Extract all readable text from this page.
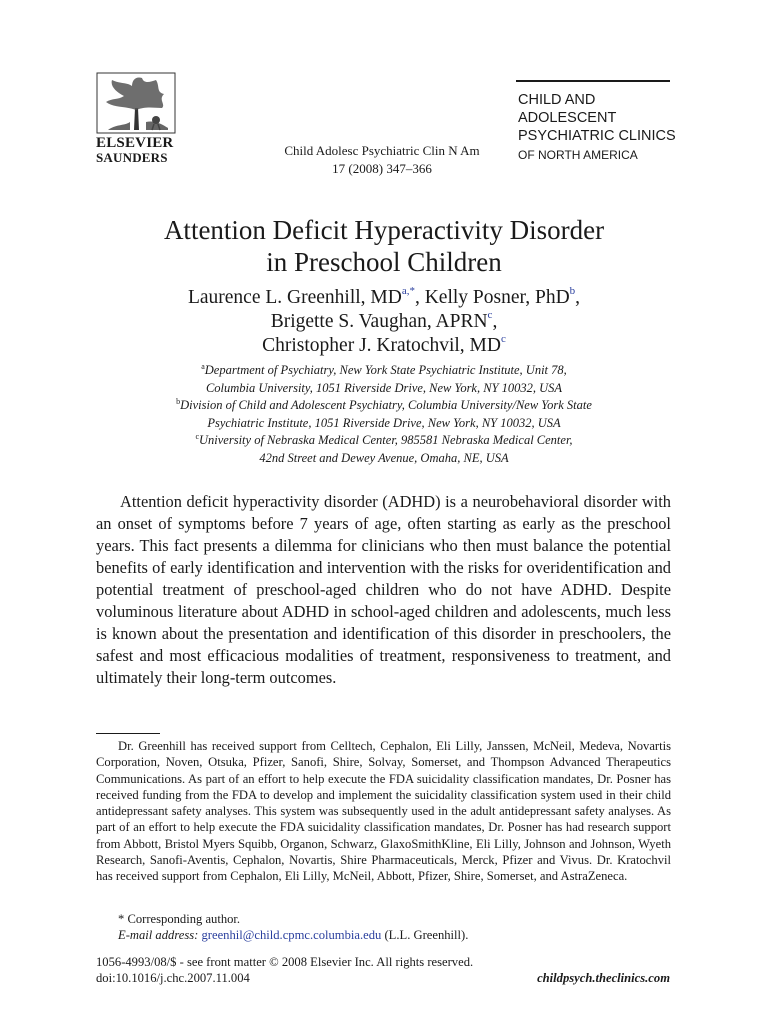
ELSEVIER
SAUNDERS	Child Adolesc Psychiatric Clin N Am
17 (2008) 347–366
CHILD AND
ADOLESCENT
PSYCHIATRIC CLINICS
OF NORTH AMERICA
Attention Deficit Hyperactivity Disorder
in Preschool Children
Laurence L. Greenhill, $MD^{a,*}$, Kelly Posner, PhD$^b$,
Brigette S. Vaughan, APRN$^c$,
Christopher J. Kratochvil, $MD^c$
$^a$Department of Psychiatry, New York State Psychiatric Institute, Unit 78,
Columbia University, 1051 Riverside Drive, New York, NY 10032, USA
$^b$Division of Child and Adolescent Psychiatry, Columbia University/New York State
Psychiatric Institute, 1051 Riverside Drive, New York, NY 10032, USA
$^c$University of Nebraska Medical Center, 985581 Nebraska Medical Center,
42nd Street and Dewey Avenue, Omaha, NE, USA

Attention deficit hyperactivity disorder (ADHD) is a neurobehavioral disorder with an onset of symptoms before 7 years of age, often starting as early as the preschool years. This fact presents a dilemma for clinicians who then must balance the potential benefits of early identification and intervention with the risks for overidentification and potential treatment of preschool-aged children who do not have ADHD. Despite voluminous literature about ADHD in school-aged children and adolescents, much less is known about the presentation and identification of this disorder in preschoolers, the safest and most efficacious modalities of treatment, responsiveness to treatment, and ultimately their long-term outcomes.

Dr. Greenhill has received support from Celltech, Cephalon, Eli Lilly, Janssen, McNeil, Medeva, Novartis Corporation, Noven, Otsuka, Pfizer, Sanofi, Shire, Solvay, Somerset, and Thompson Advanced Therapeutics Communications. As part of an effort to help execute the FDA suicidality classification mandates, Dr. Posner has received funding from the FDA to develop and implement the suicidality classification system used in their child antidepressant safety analyses. This system was subsequently used in the adult antidepressant safety analyses. As part of an effort to help execute the FDA suicidality classification mandates, Dr. Posner has had research support from Abbott, Bristol Myers Squibb, Organon, Schwarz, GlaxoSmithKline, Eli Lilly, Johnson and Johnson, Wyeth Research, Sanofi-Aventis, Cephalon, Novartis, Shire Pharmaceuticals, Merck, Pfizer and Vivus. Dr. Kratochvil has received support from Cephalon, Eli Lilly, McNeil, Abbott, Pfizer, Shire, Somerset, and AstraZeneca.

* Corresponding author.
E-mail address: greenhil@child.cpmc.columbia.edu (L.L. Greenhill).
1056-4993/08/$ - see front matter © 2008 Elsevier Inc. All rights reserved.
doi:10.1016/j.chc.2007.11.004	childpsych.theclinics.com
